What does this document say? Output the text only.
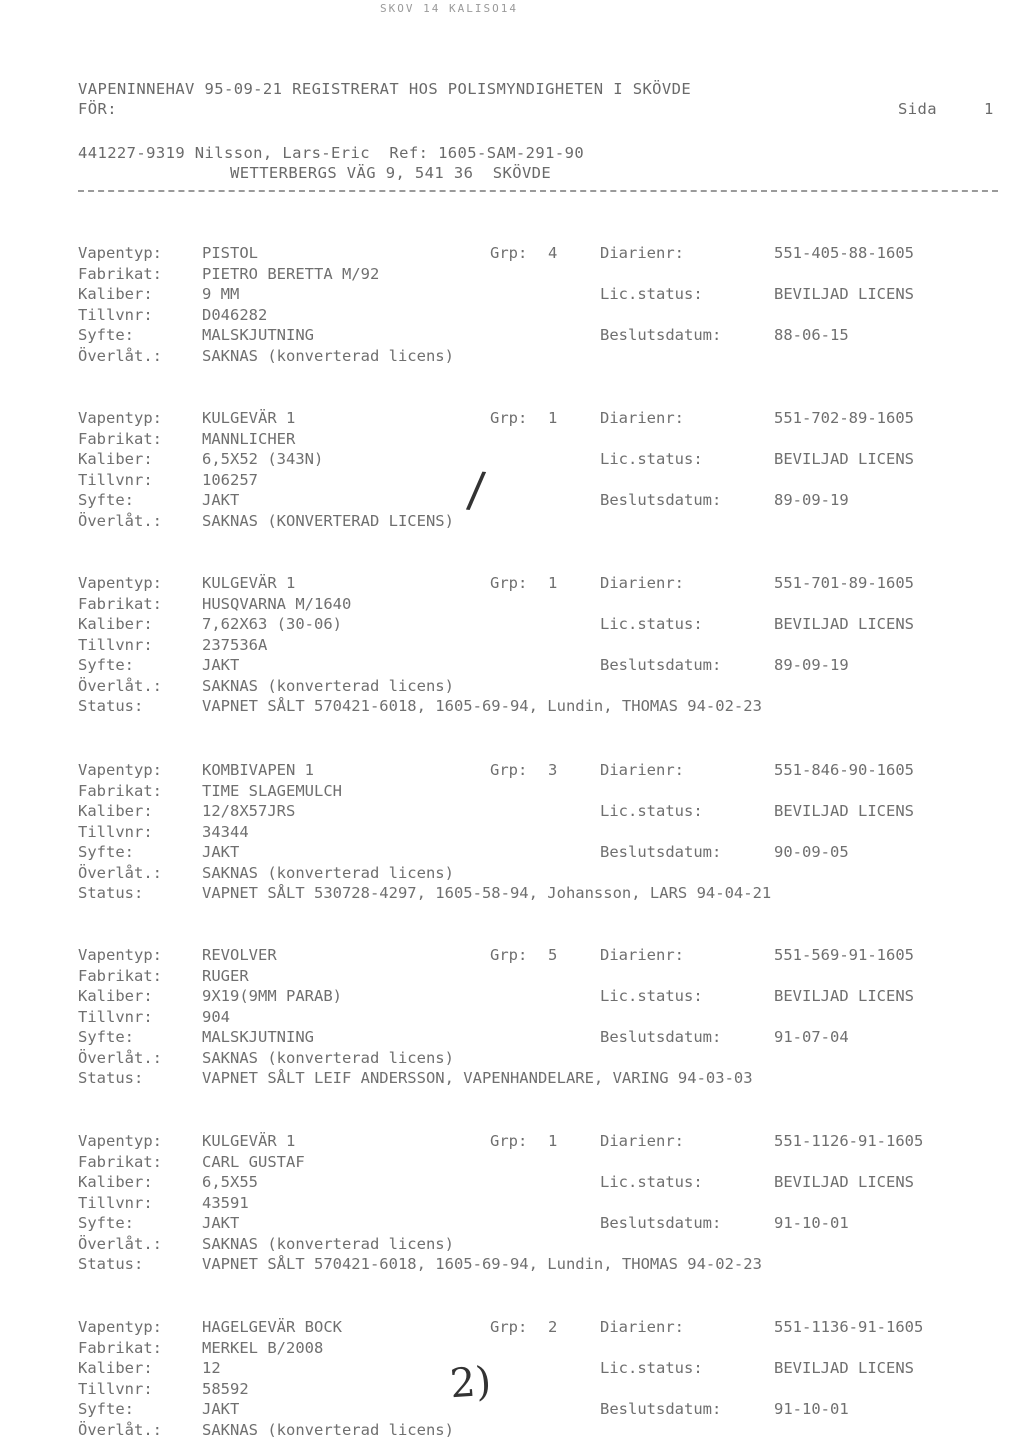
SKOV 14 KALISO14
VAPENINNEHAV 95-09-21 REGISTRERAT HOS POLISMYNDIGHETEN I SKÖVDE
FÖR:	Sida	1
441227-9319 Nilsson, Lars-Eric  Ref: 1605-SAM-291-90
WETTERBERGS VÄG 9, 541 36  SKÖVDE
Vapentyp:	PISTOL	Grp: 4	Diarienr:	551-405-88-1605
Fabrikat:	PIETRO BERETTA M/92
Kaliber:	9 MM	Lic.status:	BEVILJAD LICENS
Tillvnr:	D046282
Syfte:	MALSKJUTNING	Beslutsdatum:	88-06-15
Överlåt.:	SAKNAS (konverterad licens)
Vapentyp:	KULGEVÄR 1	Grp: 1	Diarienr:	551-702-89-1605
Fabrikat:	MANNLICHER
Kaliber:	6,5X52 (343N)	Lic.status:	BEVILJAD LICENS
Tillvnr:	106257
Syfte:	JAKT	Beslutsdatum:	89-09-19
Överlåt.:	SAKNAS (KONVERTERAD LICENS)
Vapentyp:	KULGEVÄR 1	Grp: 1	Diarienr:	551-701-89-1605
Fabrikat:	HUSQVARNA M/1640
Kaliber:	7,62X63 (30-06)	Lic.status:	BEVILJAD LICENS
Tillvnr:	237536A
Syfte:	JAKT	Beslutsdatum:	89-09-19
Överlåt.:	SAKNAS (konverterad licens)
Status:	VAPNET SÅLT 570421-6018, 1605-69-94, Lundin, THOMAS 94-02-23
Vapentyp:	KOMBIVAPEN 1	Grp: 3	Diarienr:	551-846-90-1605
Fabrikat:	TIME SLAGEMULCH
Kaliber:	12/8X57JRS	Lic.status:	BEVILJAD LICENS
Tillvnr:	34344
Syfte:	JAKT	Beslutsdatum:	90-09-05
Överlåt.:	SAKNAS (konverterad licens)
Status:	VAPNET SÅLT 530728-4297, 1605-58-94, Johansson, LARS 94-04-21
Vapentyp:	REVOLVER	Grp: 5	Diarienr:	551-569-91-1605
Fabrikat:	RUGER
Kaliber:	9X19(9MM PARAB)	Lic.status:	BEVILJAD LICENS
Tillvnr:	904
Syfte:	MALSKJUTNING	Beslutsdatum:	91-07-04
Överlåt.:	SAKNAS (konverterad licens)
Status:	VAPNET SÅLT LEIF ANDERSSON, VAPENHANDELARE, VARING 94-03-03
Vapentyp:	KULGEVÄR 1	Grp: 1	Diarienr:	551-1126-91-1605
Fabrikat:	CARL GUSTAF
Kaliber:	6,5X55	Lic.status:	BEVILJAD LICENS
Tillvnr:	43591
Syfte:	JAKT	Beslutsdatum:	91-10-01
Överlåt.:	SAKNAS (konverterad licens)
Status:	VAPNET SÅLT 570421-6018, 1605-69-94, Lundin, THOMAS 94-02-23
Vapentyp:	HAGELGEVÄR BOCK	Grp: 2	Diarienr:	551-1136-91-1605
Fabrikat:	MERKEL B/2008
Kaliber:	12	Lic.status:	BEVILJAD LICENS
Tillvnr:	58592
Syfte:	JAKT	Beslutsdatum:	91-10-01
Överlåt.:	SAKNAS (konverterad licens)
/
2)
